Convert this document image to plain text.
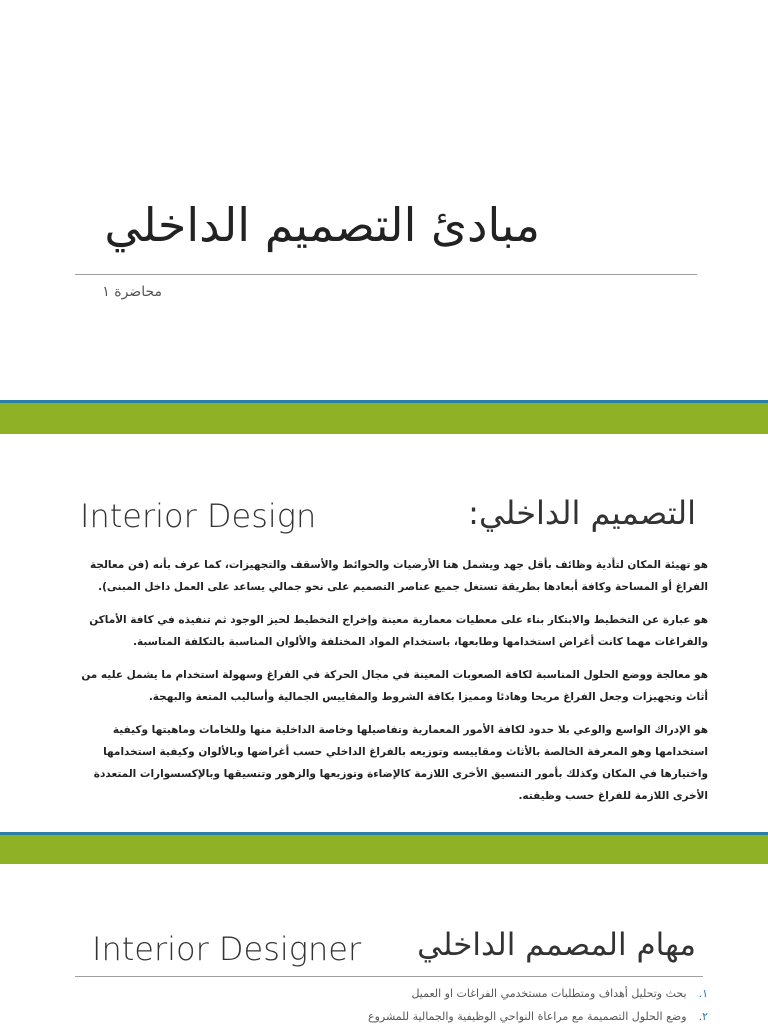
مبادئ التصميم الداخلي
محاضرة ١
Interior Design	التصميم الداخلي:

هو تهيئة المكان لتأدية وظائف بأقل جهد ويشمل هنا الأرضيات والحوائط والأسقف والتجهيزات، كما عرف بأنه (فن معالجة الفراغ أو المساحة وكافة أبعادها بطريقة تستغل جميع عناصر التصميم على نحو جمالي يساعد على العمل داخل المبنى).

هو عبارة عن التخطيط والابتكار بناء على معطيات معمارية معينة وإخراج التخطيط لحيز الوجود ثم تنفيذه في كافة الأماكن والفراغات مهما كانت أغراض استخدامها وطابعها، باستخدام المواد المختلفة والألوان المناسبة بالتكلفة المناسبة.

هو معالجة ووضع الحلول المناسبة لكافة الصعوبات المعينة في مجال الحركة في الفراغ وسهولة استخدام ما يشمل عليه من أثاث وتجهيزات وجعل الفراغ مريحا وهادئا ومميزا بكافة الشروط والمقاييس الجمالية وأساليب المتعة والبهجة.

هو الإدراك الواسع والوعي بلا حدود لكافة الأمور المعمارية وتفاصيلها وخاصة الداخلية منها وللخامات وماهيتها وكيفية استخدامها وهو المعرفة الخالصة بالأثاث ومقاييسه وتوزيعه بالفراغ الداخلي حسب أغراضها وبالألوان وكيفية استخدامها واختيارها في المكان وكذلك بأمور التنسيق الأخرى اللازمة كالإضاءة وتوزيعها والزهور وتنسيقها وبالإكسسوارات المتعددة الأخرى اللازمة للفراغ حسب وظيفته.

Interior Designer مهام المصمم الداخلي
١.بحث وتحليل أهداف ومتطلبات مستخدمي الفراغات او العميل
٢.وضع الحلول التصميمة مع مراعاة النواحي الوظيفية والجمالية للمشروع
